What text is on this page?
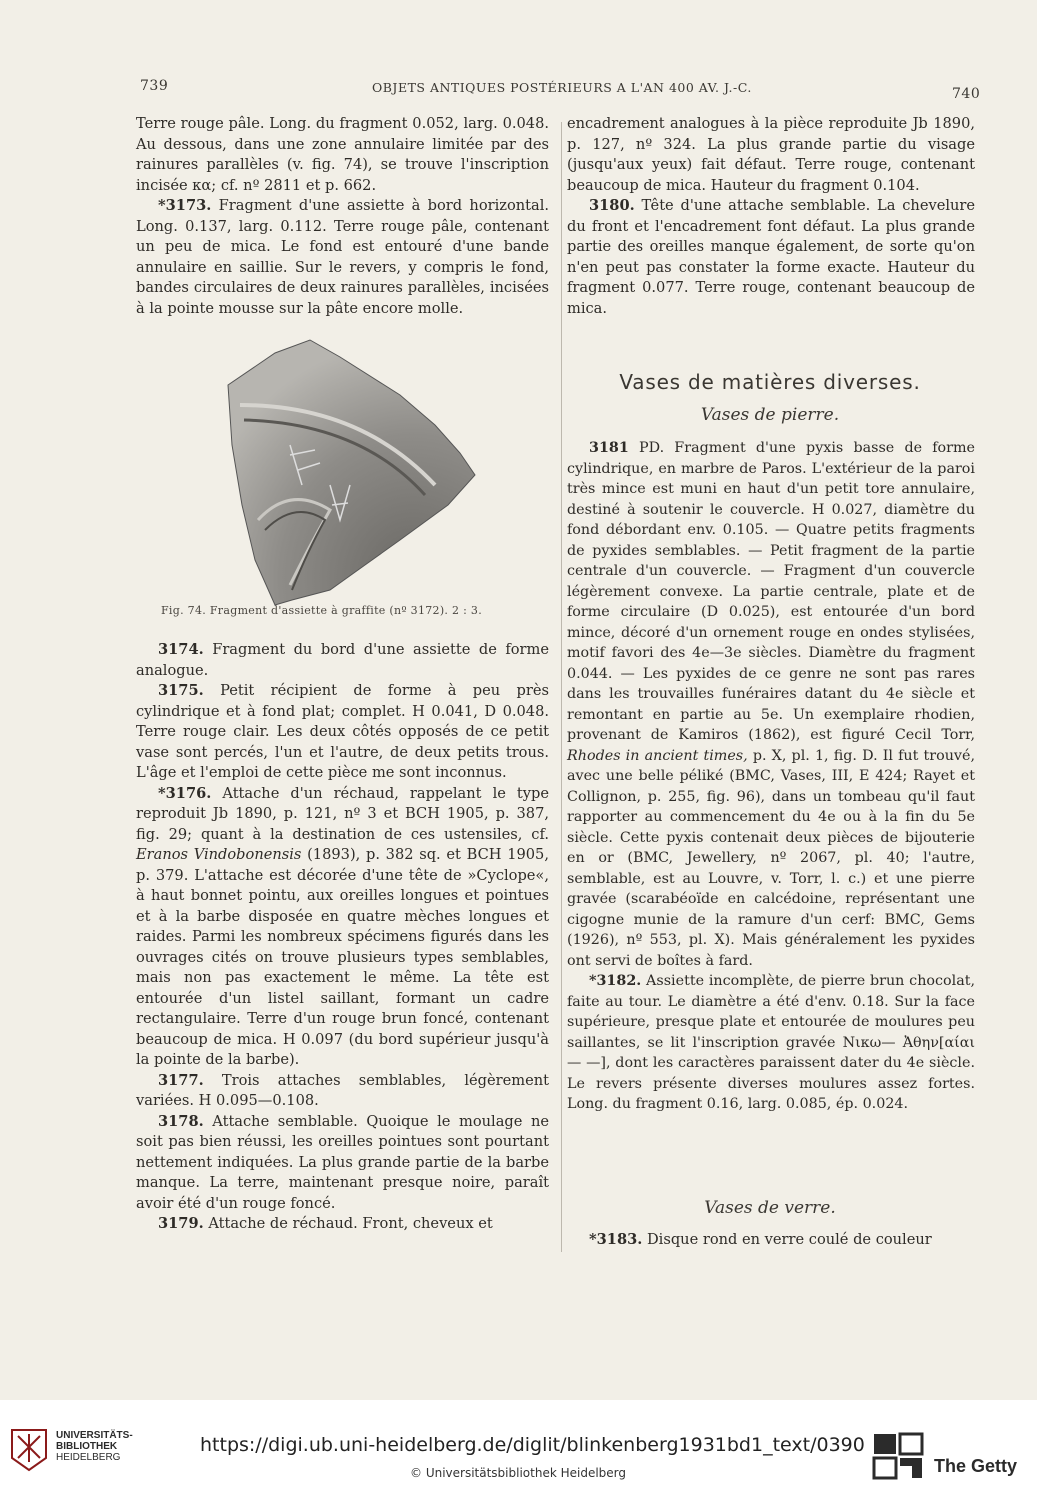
739	OBJETS ANTIQUES POSTÉRIEURS A L'AN 400 AV. J.-C.	740

Terre rouge pâle. Long. du fragment 0.052, larg. 0.048. Au dessous, dans une zone annulaire limitée par des rainures parallèles (v. fig. 74), se trouve l'inscription incisée κα; cf. nº 2811 et p. 662.

*3173. Fragment d'une assiette à bord horizontal. Long. 0.137, larg. 0.112. Terre rouge pâle, contenant un peu de mica. Le fond est entouré d'une bande annulaire en saillie. Sur le revers, y compris le fond, bandes circulaires de deux rainures parallèles, incisées à la pointe mousse sur la pâte encore molle.

Fig. 74. Fragment d'assiette à graffite (nº 3172). 2 : 3.

3174. Fragment du bord d'une assiette de forme analogue.

3175. Petit récipient de forme à peu près cylindrique et à fond plat; complet. H 0.041, D 0.048. Terre rouge clair. Les deux côtés opposés de ce petit vase sont percés, l'un et l'autre, de deux petits trous. L'âge et l'emploi de cette pièce me sont inconnus.

*3176. Attache d'un réchaud, rappelant le type reproduit Jb 1890, p. 121, nº 3 et BCH 1905, p. 387, fig. 29; quant à la destination de ces ustensiles, cf. Eranos Vindobonensis (1893), p. 382 sq. et BCH 1905, p. 379. L'attache est décorée d'une tête de »Cyclope«, à haut bonnet pointu, aux oreilles longues et pointues et à la barbe disposée en quatre mèches longues et raides. Parmi les nombreux spécimens figurés dans les ouvrages cités on trouve plusieurs types semblables, mais non pas exactement le même. La tête est entourée d'un listel saillant, formant un cadre rectangulaire. Terre d'un rouge brun foncé, contenant beaucoup de mica. H 0.097 (du bord supérieur jusqu'à la pointe de la barbe).

3177. Trois attaches semblables, légèrement variées. H 0.095—0.108.

3178. Attache semblable. Quoique le moulage ne soit pas bien réussi, les oreilles pointues sont pourtant nettement indiquées. La plus grande partie de la barbe manque. La terre, maintenant presque noire, paraît avoir été d'un rouge foncé.

3179. Attache de réchaud. Front, cheveux et

encadrement analogues à la pièce reproduite Jb 1890, p. 127, nº 324. La plus grande partie du visage (jusqu'aux yeux) fait défaut. Terre rouge, contenant beaucoup de mica. Hauteur du fragment 0.104.

3180. Tête d'une attache semblable. La chevelure du front et l'encadrement font défaut. La plus grande partie des oreilles manque également, de sorte qu'on n'en peut pas constater la forme exacte. Hauteur du fragment 0.077. Terre rouge, contenant beaucoup de mica.

Vases de matières diverses.
Vases de pierre.

3181 PD. Fragment d'une pyxis basse de forme cylindrique, en marbre de Paros. L'extérieur de la paroi très mince est muni en haut d'un petit tore annulaire, destiné à soutenir le couvercle. H 0.027, diamètre du fond débordant env. 0.105. — Quatre petits fragments de pyxides semblables. — Petit fragment de la partie centrale d'un couvercle. — Fragment d'un couvercle légèrement convexe. La partie centrale, plate et de forme circulaire (D 0.025), est entourée d'un bord mince, décoré d'un ornement rouge en ondes stylisées, motif favori des 4e—3e siècles. Diamètre du fragment 0.044. — Les pyxides de ce genre ne sont pas rares dans les trouvailles funéraires datant du 4e siècle et remontant en partie au 5e. Un exemplaire rhodien, provenant de Kamiros (1862), est figuré Cecil Torr, Rhodes in ancient times, p. X, pl. 1, fig. D. Il fut trouvé, avec une belle péliké (BMC, Vases, III, E 424; Rayet et Collignon, p. 255, fig. 96), dans un tombeau qu'il faut rapporter au commencement du 4e ou à la fin du 5e siècle. Cette pyxis contenait deux pièces de bijouterie en or (BMC, Jewellery, nº 2067, pl. 40; l'autre, semblable, est au Louvre, v. Torr, l. c.) et une pierre gravée (scarabéoïde en calcédoine, représentant une cigogne munie de la ramure d'un cerf: BMC, Gems (1926), nº 553, pl. X). Mais généralement les pyxides ont servi de boîtes à fard.

*3182. Assiette incomplète, de pierre brun chocolat, faite au tour. Le diamètre a été d'env. 0.18. Sur la face supérieure, presque plate et entourée de moulures peu saillantes, se lit l'inscription gravée Νικω— Ἀθην[αίαι — —], dont les caractères paraissent dater du 4e siècle. Le revers présente diverses moulures assez fortes. Long. du fragment 0.16, larg. 0.085, ép. 0.024.

Vases de verre.

*3183. Disque rond en verre coulé de couleur

UNIVERSITÄTS-
BIBLIOTHEK
HEIDELBERG
https://digi.ub.uni-heidelberg.de/diglit/blinkenberg1931bd1_text/0390
© Universitätsbibliothek Heidelberg	The Getty
